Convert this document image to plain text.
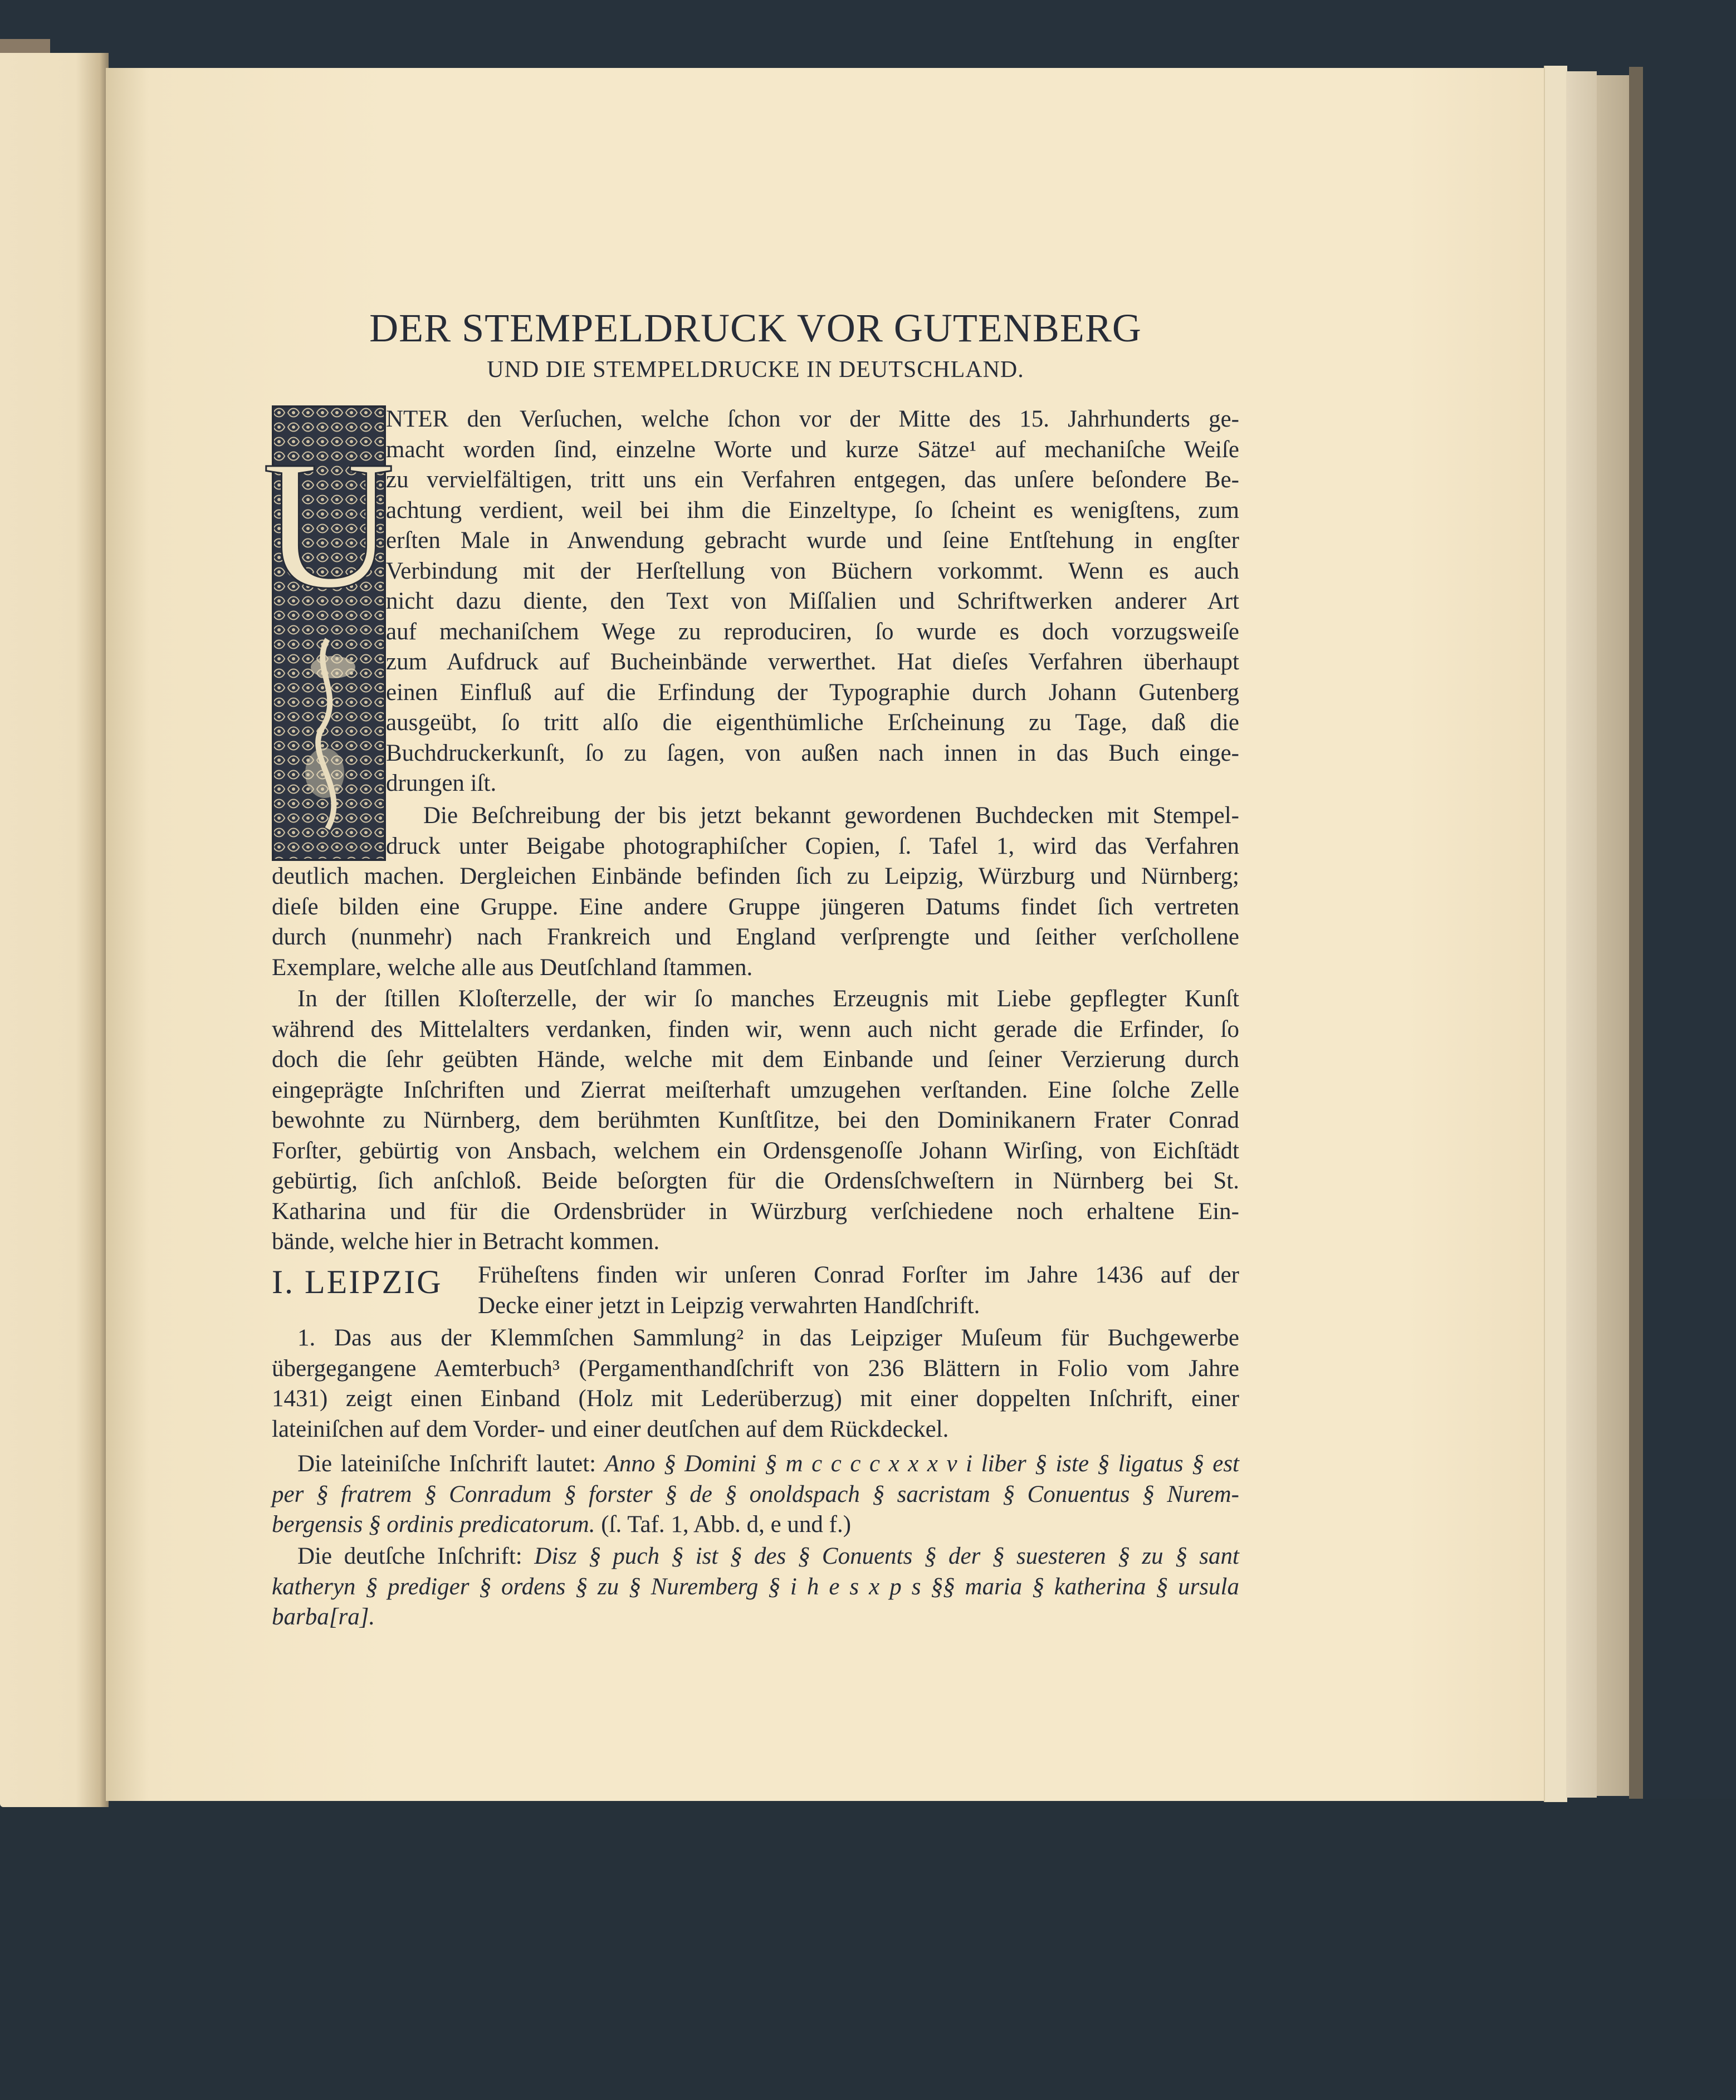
DER STEMPELDRUCK VOR GUTENBERG
UND DIE STEMPELDRUCKE IN DEUTSCHLAND.
U
I. LEIPZIG
NTER den Verſuchen, welche ſchon vor der Mitte des 15. Jahrhunderts ge-
macht worden ſind, einzelne Worte und kurze Sätze¹ auf mechaniſche Weiſe
zu vervielfältigen, tritt uns ein Verfahren entgegen, das unſere beſondere Be-
achtung verdient, weil bei ihm die Einzeltype, ſo ſcheint es wenigſtens, zum
erſten Male in Anwendung gebracht wurde und ſeine Entſtehung in engſter
Verbindung mit der Herſtellung von Büchern vorkommt. Wenn es auch
nicht dazu diente, den Text von Miſſalien und Schriftwerken anderer Art
auf mechaniſchem Wege zu reproduciren, ſo wurde es doch vorzugsweiſe
zum Aufdruck auf Bucheinbände verwerthet. Hat dieſes Verfahren überhaupt
einen Einfluß auf die Erfindung der Typographie durch Johann Gutenberg
ausgeübt, ſo tritt alſo die eigenthümliche Erſcheinung zu Tage, daß die
Buchdruckerkunſt, ſo zu ſagen, von außen nach innen in das Buch einge-
drungen iſt.
Die Beſchreibung der bis jetzt bekannt gewordenen Buchdecken mit Stempel-
druck unter Beigabe photographiſcher Copien, ſ. Tafel 1, wird das Verfahren
deutlich machen. Dergleichen Einbände befinden ſich zu Leipzig, Würzburg und Nürnberg;
dieſe bilden eine Gruppe. Eine andere Gruppe jüngeren Datums findet ſich vertreten
durch (nunmehr) nach Frankreich und England verſprengte und ſeither verſchollene
Exemplare, welche alle aus Deutſchland ſtammen.
In der ſtillen Kloſterzelle, der wir ſo manches Erzeugnis mit Liebe gepflegter Kunſt
während des Mittelalters verdanken, finden wir, wenn auch nicht gerade die Erfinder, ſo
doch die ſehr geübten Hände, welche mit dem Einbande und ſeiner Verzierung durch
eingeprägte Inſchriften und Zierrat meiſterhaft umzugehen verſtanden. Eine ſolche Zelle
bewohnte zu Nürnberg, dem berühmten Kunſtſitze, bei den Dominikanern Frater Conrad
Forſter, gebürtig von Ansbach, welchem ein Ordensgenoſſe Johann Wirſing, von Eichſtädt
gebürtig, ſich anſchloß. Beide beſorgten für die Ordensſchweſtern in Nürnberg bei St.
Katharina und für die Ordensbrüder in Würzburg verſchiedene noch erhaltene Ein-
bände, welche hier in Betracht kommen.
Früheſtens finden wir unſeren Conrad Forſter im Jahre 1436 auf der
Decke einer jetzt in Leipzig verwahrten Handſchrift.
1. Das aus der Klemmſchen Sammlung² in das Leipziger Muſeum für Buchgewerbe
übergegangene Aemterbuch³ (Pergamenthandſchrift von 236 Blättern in Folio vom Jahre
1431) zeigt einen Einband (Holz mit Lederüberzug) mit einer doppelten Inſchrift, einer
lateiniſchen auf dem Vorder- und einer deutſchen auf dem Rückdeckel.
Die lateiniſche Inſchrift lautet: Anno § Domini § m c c c c x x x v i liber § iste § ligatus § est
per § fratrem § Conradum § forster § de § onoldspach § sacristam § Conuentus § Nurem-
bergensis § ordinis predicatorum. (ſ. Taf. 1, Abb. d, e und f.)
Die deutſche Inſchrift: Disz § puch § ist § des § Conuents § der § suesteren § zu § sant
katheryn § prediger § ordens § zu § Nuremberg § i h e s x p s §§ maria § katherina § ursula
barba[ra].
